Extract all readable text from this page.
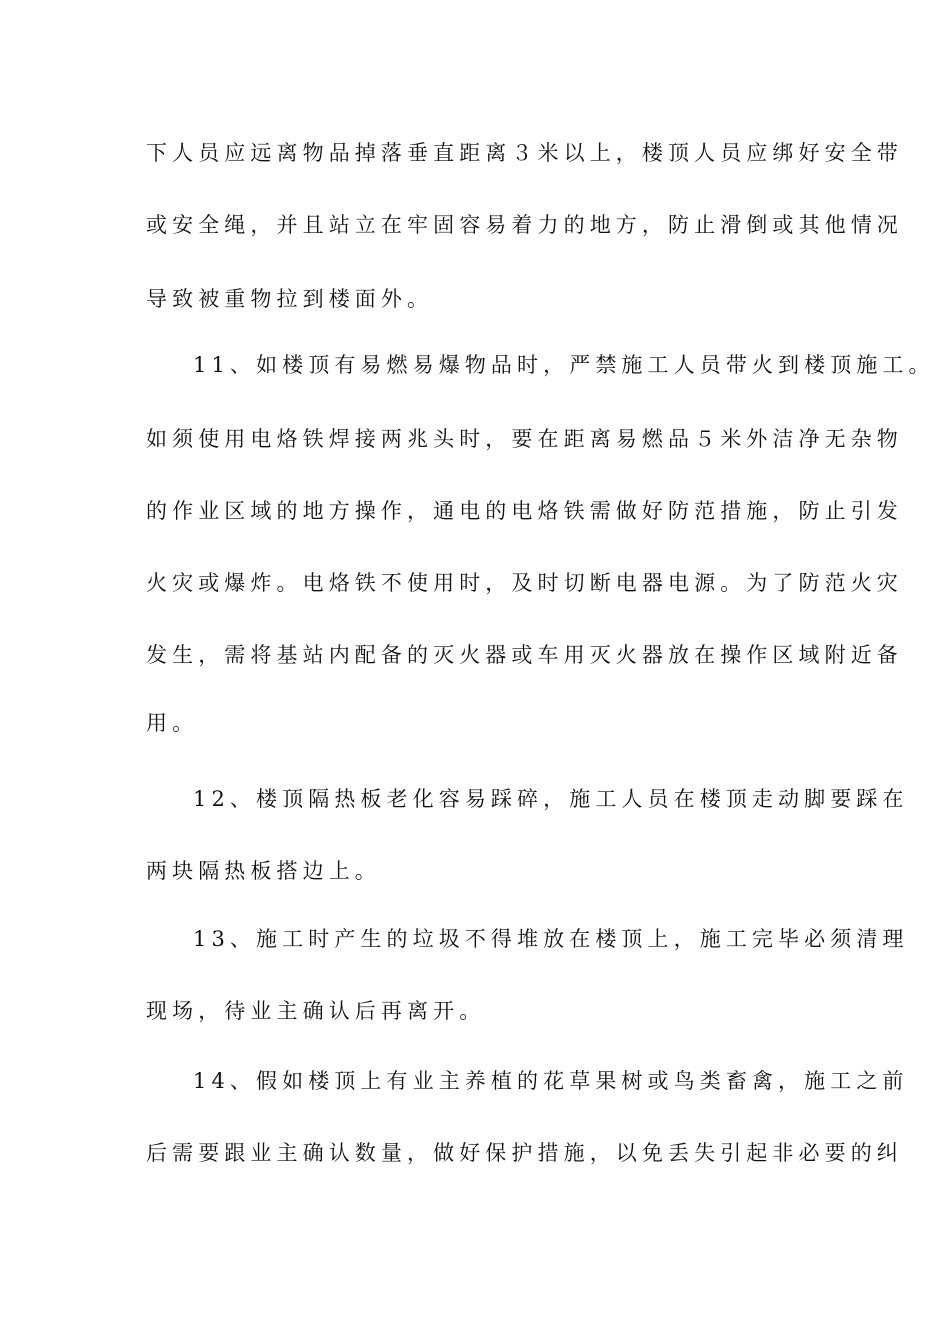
下人员应远离物品掉落垂直距离３米以上，楼顶人员应绑好安全带
或安全绳，并且站立在牢固容易着力的地方，防止滑倒或其他情况
导致被重物拉到楼面外。
11、如楼顶有易燃易爆物品时，严禁施工人员带火到楼顶施工。
如须使用电烙铁焊接两兆头时，要在距离易燃品５米外洁净无杂物
的作业区域的地方操作，通电的电烙铁需做好防范措施，防止引发
火灾或爆炸。电烙铁不使用时，及时切断电器电源。为了防范火灾
发生，需将基站内配备的灭火器或车用灭火器放在操作区域附近备
用。
12、楼顶隔热板老化容易踩碎，施工人员在楼顶走动脚要踩在
两块隔热板搭边上。
13、施工时产生的垃圾不得堆放在楼顶上，施工完毕必须清理
现场，待业主确认后再离开。
14、假如楼顶上有业主养植的花草果树或鸟类畜禽，施工之前
后需要跟业主确认数量，做好保护措施，以免丢失引起非必要的纠
